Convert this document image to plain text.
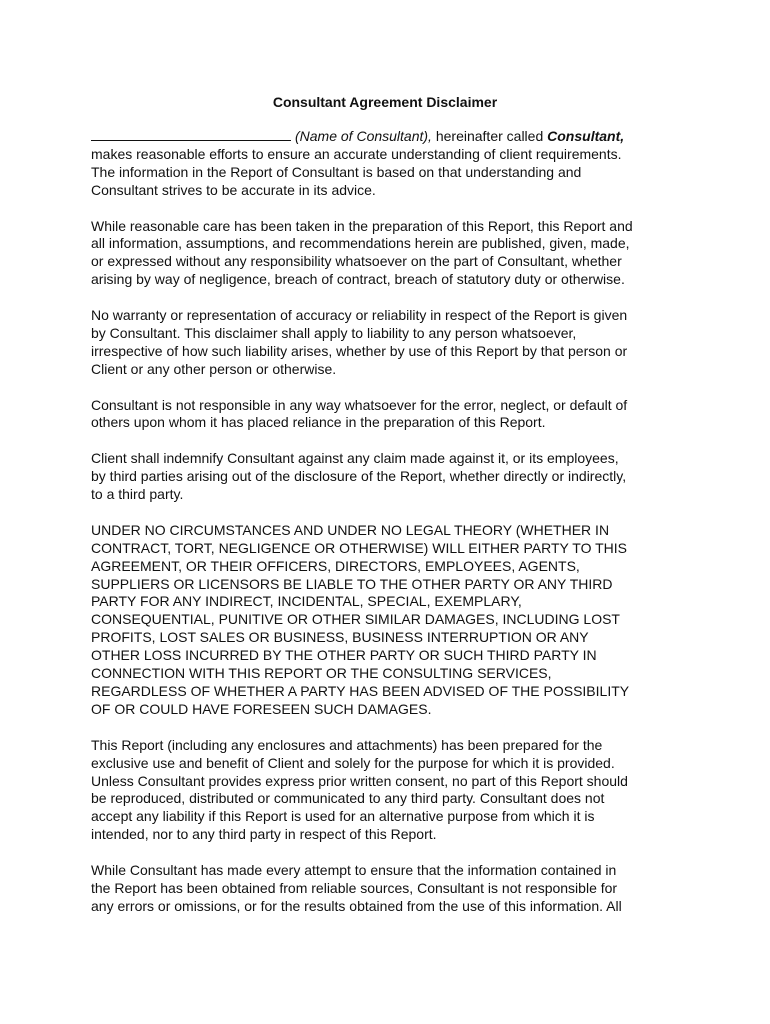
Consultant Agreement Disclaimer
(Name of Consultant), hereinafter called Consultant,
makes reasonable efforts to ensure an accurate understanding of client requirements.
The information in the Report of Consultant is based on that understanding and
Consultant strives to be accurate in its advice.
While reasonable care has been taken in the preparation of this Report, this Report and
all information, assumptions, and recommendations herein are published, given, made,
or expressed without any responsibility whatsoever on the part of Consultant, whether
arising by way of negligence, breach of contract, breach of statutory duty or otherwise.
No warranty or representation of accuracy or reliability in respect of the Report is given
by Consultant. This disclaimer shall apply to liability to any person whatsoever,
irrespective of how such liability arises, whether by use of this Report by that person or
Client or any other person or otherwise.
Consultant is not responsible in any way whatsoever for the error, neglect, or default of
others upon whom it has placed reliance in the preparation of this Report.
Client shall indemnify Consultant against any claim made against it, or its employees,
by third parties arising out of the disclosure of the Report, whether directly or indirectly,
to a third party.
UNDER NO CIRCUMSTANCES AND UNDER NO LEGAL THEORY (WHETHER IN
CONTRACT, TORT, NEGLIGENCE OR OTHERWISE) WILL EITHER PARTY TO THIS
AGREEMENT, OR THEIR OFFICERS, DIRECTORS, EMPLOYEES, AGENTS,
SUPPLIERS OR LICENSORS BE LIABLE TO THE OTHER PARTY OR ANY THIRD
PARTY FOR ANY INDIRECT, INCIDENTAL, SPECIAL, EXEMPLARY,
CONSEQUENTIAL, PUNITIVE OR OTHER SIMILAR DAMAGES, INCLUDING LOST
PROFITS, LOST SALES OR BUSINESS, BUSINESS INTERRUPTION OR ANY
OTHER LOSS INCURRED BY THE OTHER PARTY OR SUCH THIRD PARTY IN
CONNECTION WITH THIS REPORT OR THE CONSULTING SERVICES,
REGARDLESS OF WHETHER A PARTY HAS BEEN ADVISED OF THE POSSIBILITY
OF OR COULD HAVE FORESEEN SUCH DAMAGES.
This Report (including any enclosures and attachments) has been prepared for the
exclusive use and benefit of Client and solely for the purpose for which it is provided.
Unless Consultant provides express prior written consent, no part of this Report should
be reproduced, distributed or communicated to any third party. Consultant does not
accept any liability if this Report is used for an alternative purpose from which it is
intended, nor to any third party in respect of this Report.
While Consultant has made every attempt to ensure that the information contained in
the Report has been obtained from reliable sources, Consultant is not responsible for
any errors or omissions, or for the results obtained from the use of this information. All
